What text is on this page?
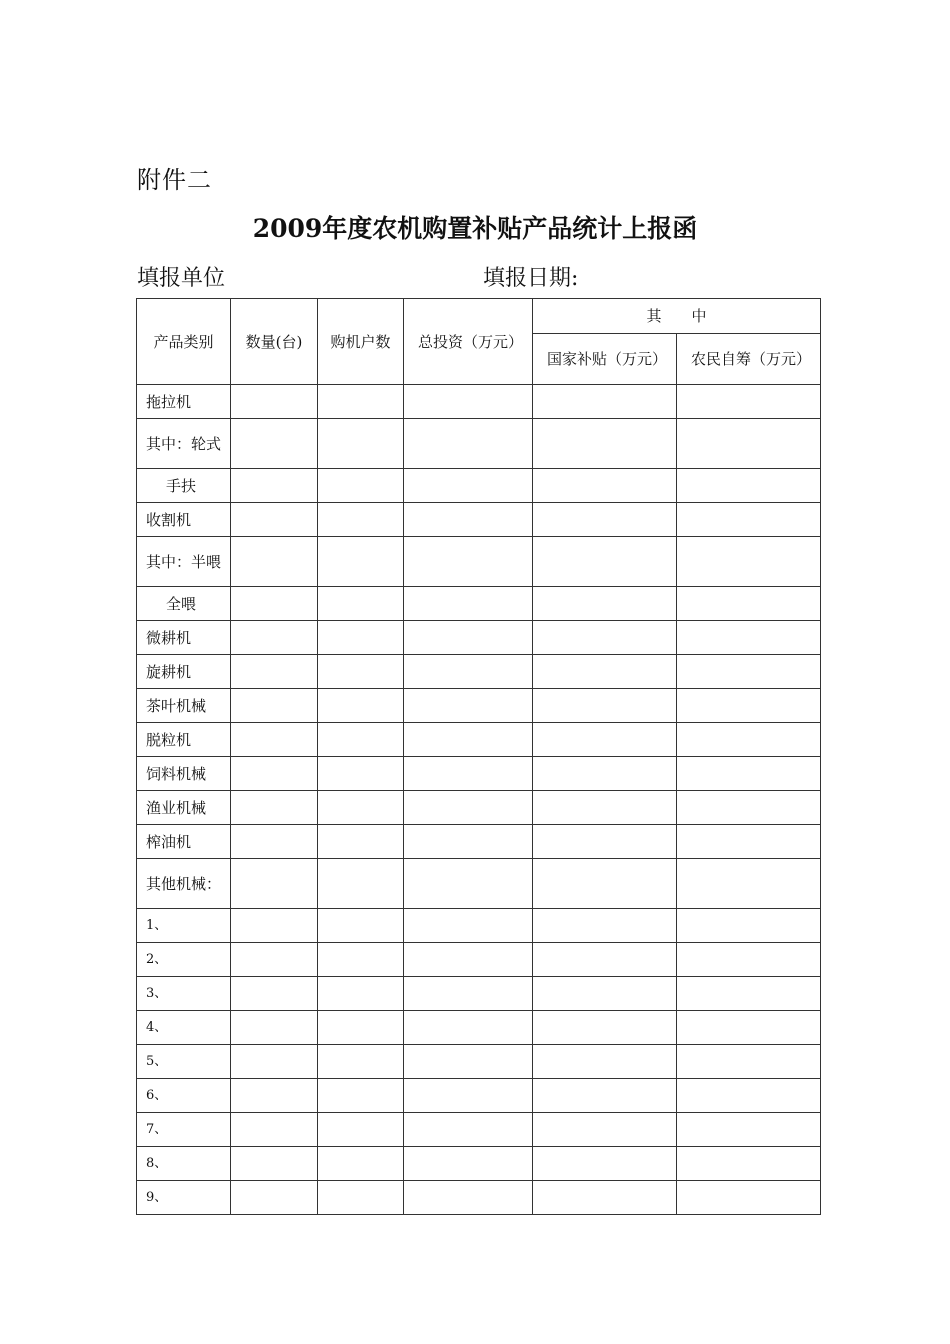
附件二
2009年度农机购置补贴产品统计上报函
填报单位	填报日期:
产品类别	数量(台)	购机户数	总投资（万元）	其　　中	
				国家补贴（万元）	农民自筹（万元）
拖拉机					
其中：轮式					
手扶					
收割机					
其中：半喂					
全喂					
微耕机					
旋耕机					
茶叶机械					
脱粒机					
饲料机械					
渔业机械					
榨油机					
其他机械：					
1、					
2、					
3、					
4、					
5、					
6、					
7、					
8、					
9、					
